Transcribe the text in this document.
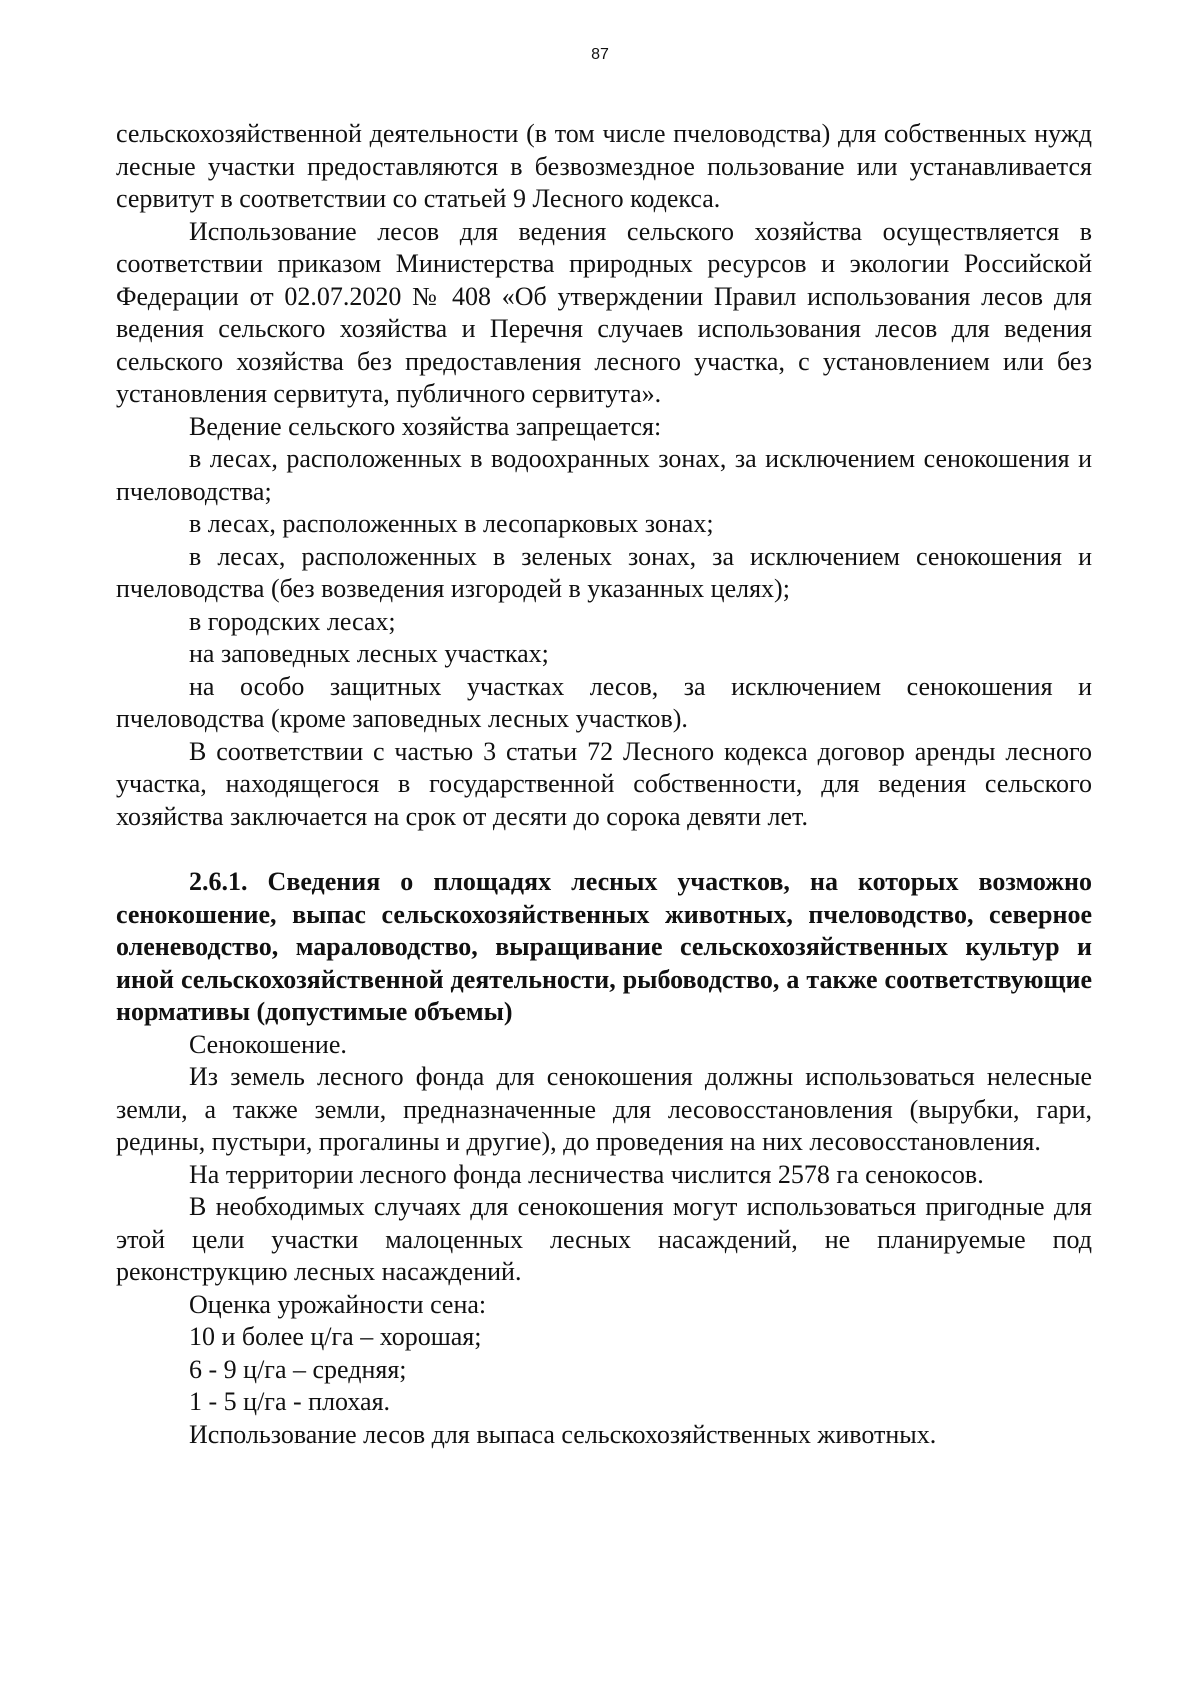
87

сельскохозяйственной деятельности (в том числе пчеловодства) для собственных нужд лесные участки предоставляются в безвозмездное пользование или устанавливается сервитут в соответствии со статьей 9 Лесного кодекса.

Использование лесов для ведения сельского хозяйства осуществляется в соответствии приказом Министерства природных ресурсов и экологии Российской Федерации от 02.07.2020 № 408 «Об утверждении Правил использования лесов для ведения сельского хозяйства и Перечня случаев использования лесов для ведения сельского хозяйства без предоставления лесного участка, с установлением или без установления сервитута, публичного сервитута».

Ведение сельского хозяйства запрещается:

в лесах, расположенных в водоохранных зонах, за исключением сенокошения и пчеловодства;

в лесах, расположенных в лесопарковых зонах;

в лесах, расположенных в зеленых зонах, за исключением сенокошения и пчеловодства (без возведения изгородей в указанных целях);

в городских лесах;

на заповедных лесных участках;

на особо защитных участках лесов, за исключением сенокошения и пчеловодства (кроме заповедных лесных участков).

В соответствии с частью 3 статьи 72 Лесного кодекса договор аренды лесного участка, находящегося в государственной собственности, для ведения сельского хозяйства заключается на срок от десяти до сорока девяти лет.

2.6.1. Сведения о площадях лесных участков, на которых возможно сенокошение, выпас сельскохозяйственных животных, пчеловодство, северное оленеводство, мараловодство, выращивание сельскохозяйственных культур и иной сельскохозяйственной деятельности, рыбоводство, а также соответствующие нормативы (допустимые объемы)

Сенокошение.

Из земель лесного фонда для сенокошения должны использоваться нелесные земли, а также земли, предназначенные для лесовосстановления (вырубки, гари, редины, пустыри, прогалины и другие), до проведения на них лесовосстановления.

На территории лесного фонда лесничества числится 2578 га сенокосов.

В необходимых случаях для сенокошения могут использоваться пригодные для этой цели участки малоценных лесных насаждений, не планируемые под реконструкцию лесных насаждений.

Оценка урожайности сена:

10 и более ц/га – хорошая;

6 - 9 ц/га – средняя;

1 - 5 ц/га - плохая.

Использование лесов для выпаса сельскохозяйственных животных.
